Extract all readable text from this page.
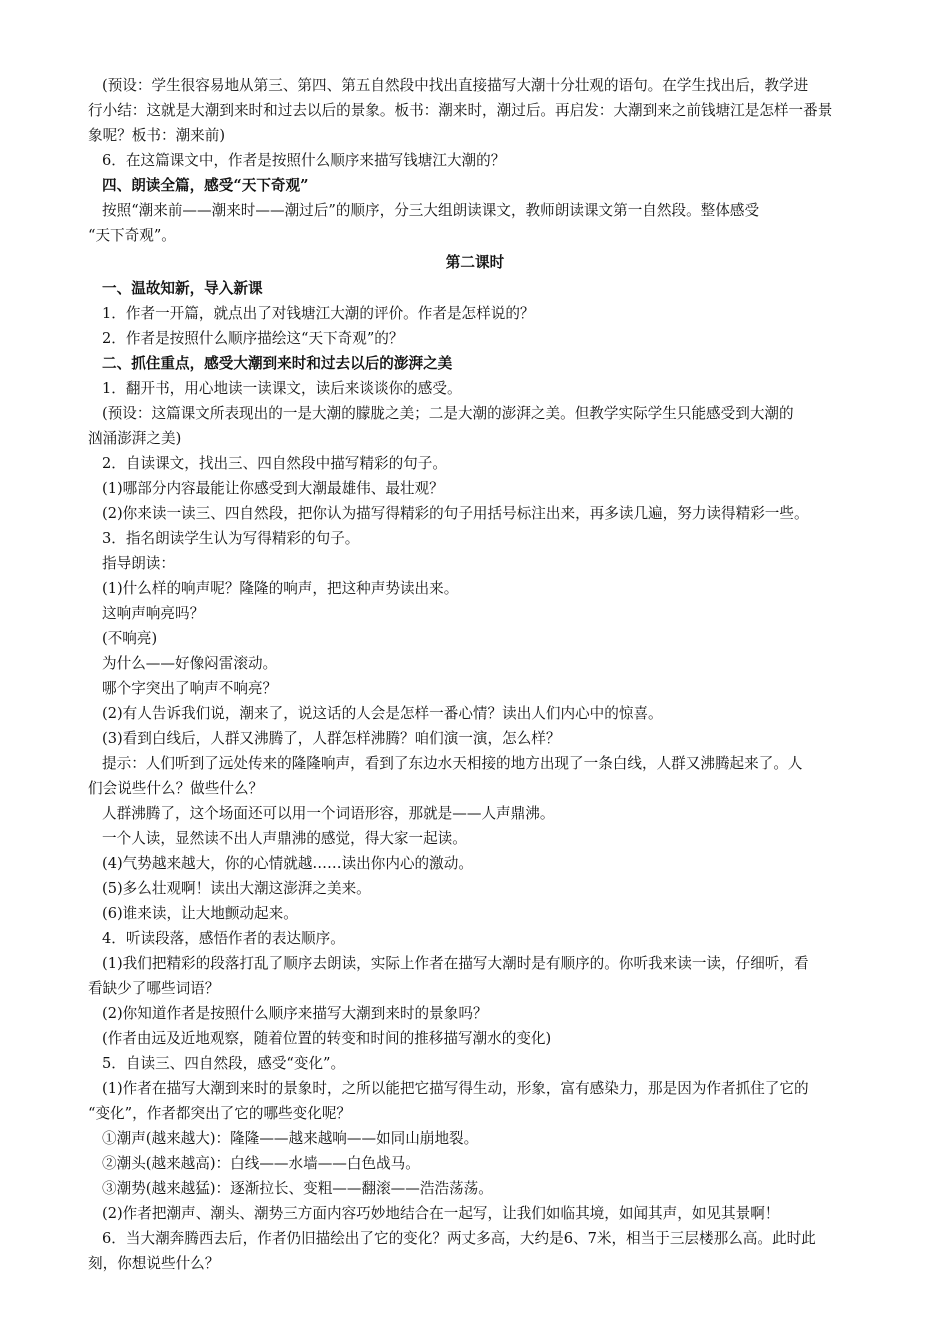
(预设：学生很容易地从第三、第四、第五自然段中找出直接描写大潮十分壮观的语句。在学生找出后，教学进
行小结：这就是大潮到来时和过去以后的景象。板书：潮来时，潮过后。再启发：大潮到来之前钱塘江是怎样一番景
象呢？板书：潮来前)
6．在这篇课文中，作者是按照什么顺序来描写钱塘江大潮的？
四、朗读全篇，感受“天下奇观”
按照“潮来前——潮来时——潮过后”的顺序，分三大组朗读课文，教师朗读课文第一自然段。整体感受
“天下奇观”。
第二课时
一、温故知新，导入新课
1．作者一开篇，就点出了对钱塘江大潮的评价。作者是怎样说的？
2．作者是按照什么顺序描绘这“天下奇观”的？
二、抓住重点，感受大潮到来时和过去以后的澎湃之美
1．翻开书，用心地读一读课文，读后来谈谈你的感受。
(预设：这篇课文所表现出的一是大潮的朦胧之美；二是大潮的澎湃之美。但教学实际学生只能感受到大潮的
汹涌澎湃之美)
2．自读课文，找出三、四自然段中描写精彩的句子。
(1)哪部分内容最能让你感受到大潮最雄伟、最壮观？
(2)你来读一读三、四自然段，把你认为描写得精彩的句子用括号标注出来，再多读几遍，努力读得精彩一些。
3．指名朗读学生认为写得精彩的句子。
指导朗读：
(1)什么样的响声呢？隆隆的响声，把这种声势读出来。
这响声响亮吗？
(不响亮)
为什么——好像闷雷滚动。
哪个字突出了响声不响亮？
(2)有人告诉我们说，潮来了，说这话的人会是怎样一番心情？读出人们内心中的惊喜。
(3)看到白线后，人群又沸腾了，人群怎样沸腾？咱们演一演，怎么样？
提示：人们听到了远处传来的隆隆响声，看到了东边水天相接的地方出现了一条白线，人群又沸腾起来了。人
们会说些什么？做些什么？
人群沸腾了，这个场面还可以用一个词语形容，那就是——人声鼎沸。
一个人读，显然读不出人声鼎沸的感觉，得大家一起读。
(4)气势越来越大，你的心情就越……读出你内心的激动。
(5)多么壮观啊！读出大潮这澎湃之美来。
(6)谁来读，让大地颤动起来。
4．听读段落，感悟作者的表达顺序。
(1)我们把精彩的段落打乱了顺序去朗读，实际上作者在描写大潮时是有顺序的。你听我来读一读，仔细听，看
看缺少了哪些词语？
(2)你知道作者是按照什么顺序来描写大潮到来时的景象吗？
(作者由远及近地观察，随着位置的转变和时间的推移描写潮水的变化)
5．自读三、四自然段，感受“变化”。
(1)作者在描写大潮到来时的景象时，之所以能把它描写得生动，形象，富有感染力，那是因为作者抓住了它的
“变化”，作者都突出了它的哪些变化呢？
①潮声(越来越大)：隆隆——越来越响——如同山崩地裂。
②潮头(越来越高)：白线——水墙——白色战马。
③潮势(越来越猛)：逐渐拉长、变粗——翻滚——浩浩荡荡。
(2)作者把潮声、潮头、潮势三方面内容巧妙地结合在一起写，让我们如临其境，如闻其声，如见其景啊！
6．当大潮奔腾西去后，作者仍旧描绘出了它的变化？两丈多高，大约是6、7米，相当于三层楼那么高。此时此
刻，你想说些什么？
